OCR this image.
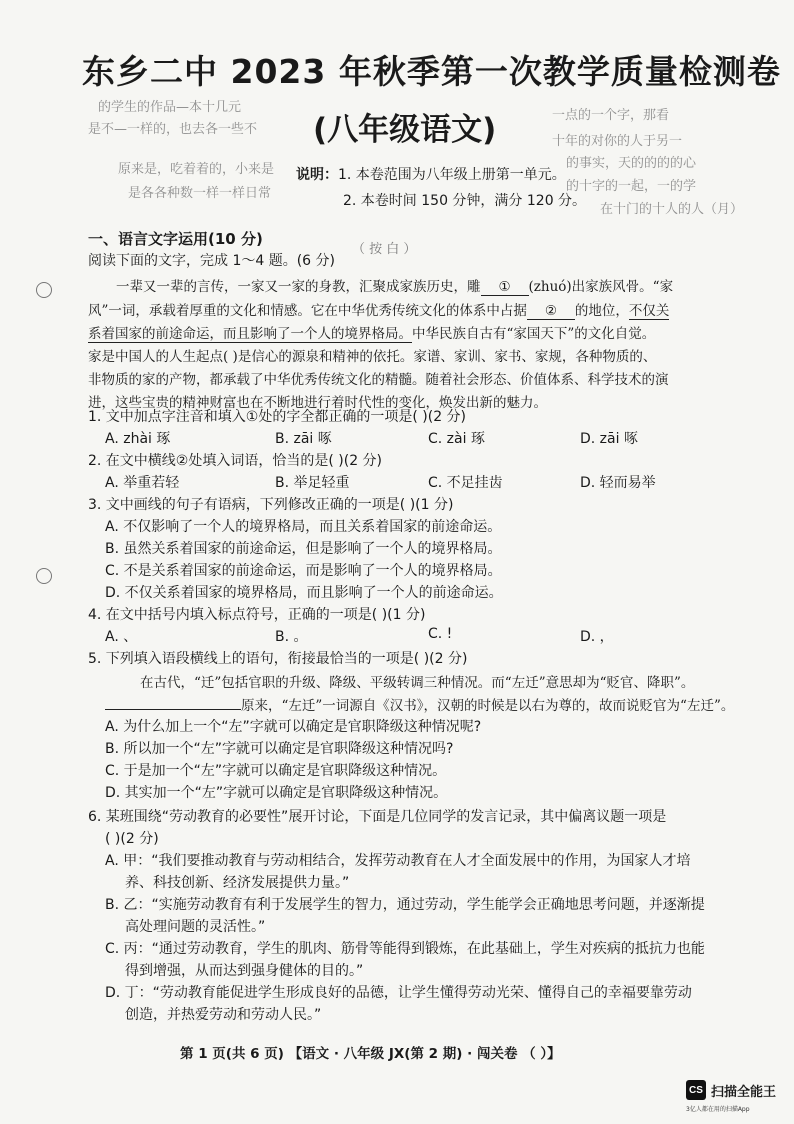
东乡二中 2023 年秋季第一次教学质量检测卷
(八年级语文)
的学生的作品—本十几元
是不—一样的，也去各一些不
原来是，吃着着的，小来是
是各各种数一样一样日常
一点的一个字，那看
十年的对你的人于另一
的事实，天的的的的心
的十字的一起，一的学
在十门的十人的人（月）
（ 按 白 ）
说明：1. 本卷范围为八年级上册第一单元。
2. 本卷时间 150 分钟，满分 120 分。
一、语言文字运用(10 分)
阅读下面的文字，完成 1～4 题。(6 分)
一辈又一辈的言传，一家又一家的身教，汇聚成家族历史，雕 ① (zhuó)出家族风骨。“家
风”一词，承载着厚重的文化和情感。它在中华优秀传统文化的体系中占据 ② 的地位，不仅关
系着国家的前途命运，而且影响了一个人的境界格局。中华民族自古有“家国天下”的文化自觉。
家是中国人的人生起点( )是信心的源泉和精神的依托。家谱、家训、家书、家规，各种物质的、
非物质的家的产物，都承载了中华优秀传统文化的精髓。随着社会形态、价值体系、科学技术的演
进，这些宝贵的精神财富也在不断地进行着时代性的变化，焕发出新的魅力。
1. 文中加点字注音和填入①处的字全都正确的一项是( )(2 分)
A. zhài 琢	B. zāi 啄	C. zài 琢	D. zāi 啄
2. 在文中横线②处填入词语，恰当的是( )(2 分)
A. 举重若轻	B. 举足轻重	C. 不足挂齿	D. 轻而易举
3. 文中画线的句子有语病，下列修改正确的一项是( )(1 分)
A. 不仅影响了一个人的境界格局，而且关系着国家的前途命运。
B. 虽然关系着国家的前途命运，但是影响了一个人的境界格局。
C. 不是关系着国家的前途命运，而是影响了一个人的境界格局。
D. 不仅关系着国家的境界格局，而且影响了一个人的前途命运。
4. 在文中括号内填入标点符号，正确的一项是( )(1 分)
A. 、	B. 。	C. !	D. ，
5. 下列填入语段横线上的语句，衔接最恰当的一项是( )(2 分)
在古代，“迁”包括官职的升级、降级、平级转调三种情况。而“左迁”意思却为“贬官、降职”。
原来，“左迁”一词源自《汉书》，汉朝的时候是以右为尊的，故而说贬官为“左迁”。
A. 为什么加上一个“左”字就可以确定是官职降级这种情况呢?
B. 所以加一个“左”字就可以确定是官职降级这种情况吗?
C. 于是加一个“左”字就可以确定是官职降级这种情况。
D. 其实加一个“左”字就可以确定是官职降级这种情况。
6. 某班围绕“劳动教育的必要性”展开讨论，下面是几位同学的发言记录，其中偏离议题一项是
( )(2 分)
A. 甲：“我们要推动教育与劳动相结合，发挥劳动教育在人才全面发展中的作用，为国家人才培
养、科技创新、经济发展提供力量。”
B. 乙：“实施劳动教育有利于发展学生的智力，通过劳动，学生能学会正确地思考问题，并逐渐提
高处理问题的灵活性。”
C. 丙：“通过劳动教育，学生的肌肉、筋骨等能得到锻炼，在此基础上，学生对疾病的抵抗力也能
得到增强，从而达到强身健体的目的。”
D. 丁：“劳动教育能促进学生形成良好的品德，让学生懂得劳动光荣、懂得自己的幸福要靠劳动
创造，并热爱劳动和劳动人民。”
第 1 页(共 6 页) 【语文 · 八年级 JX(第 2 期) · 闯关卷 （ ）】
CS 扫描全能王
3亿人都在用的扫描App
